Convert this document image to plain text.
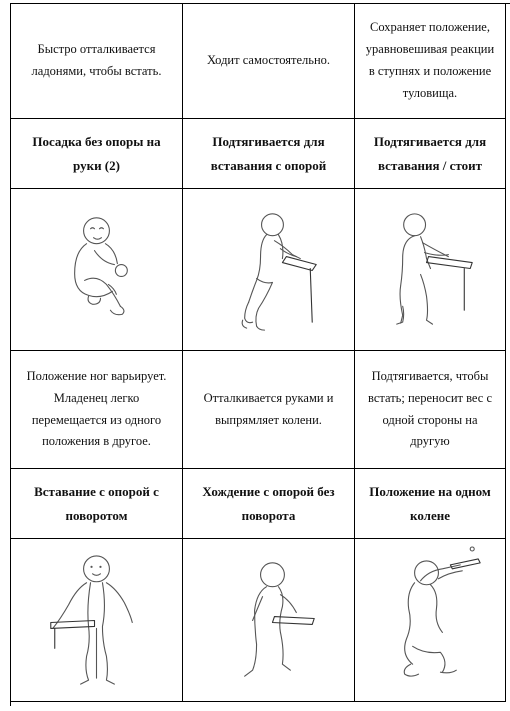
Быстро отталкивается ладонями, чтобы встать.
Ходит самостоятельно.
Сохраняет положение, уравновешивая реакции в ступнях и положение туловища.
Посадка без опоры на руки (2)
Подтягивается для вставания с опорой
Подтягивается для вставания / стоит
Положение ног варьирует. Младенец легко перемещается из одного положения в другое.
Отталкивается руками и выпрямляет колени.
Подтягивается, чтобы встать; переносит вес с одной стороны на другую
Вставание с опорой с поворотом
Хождение с опорой без поворота
Положение на одном колене
